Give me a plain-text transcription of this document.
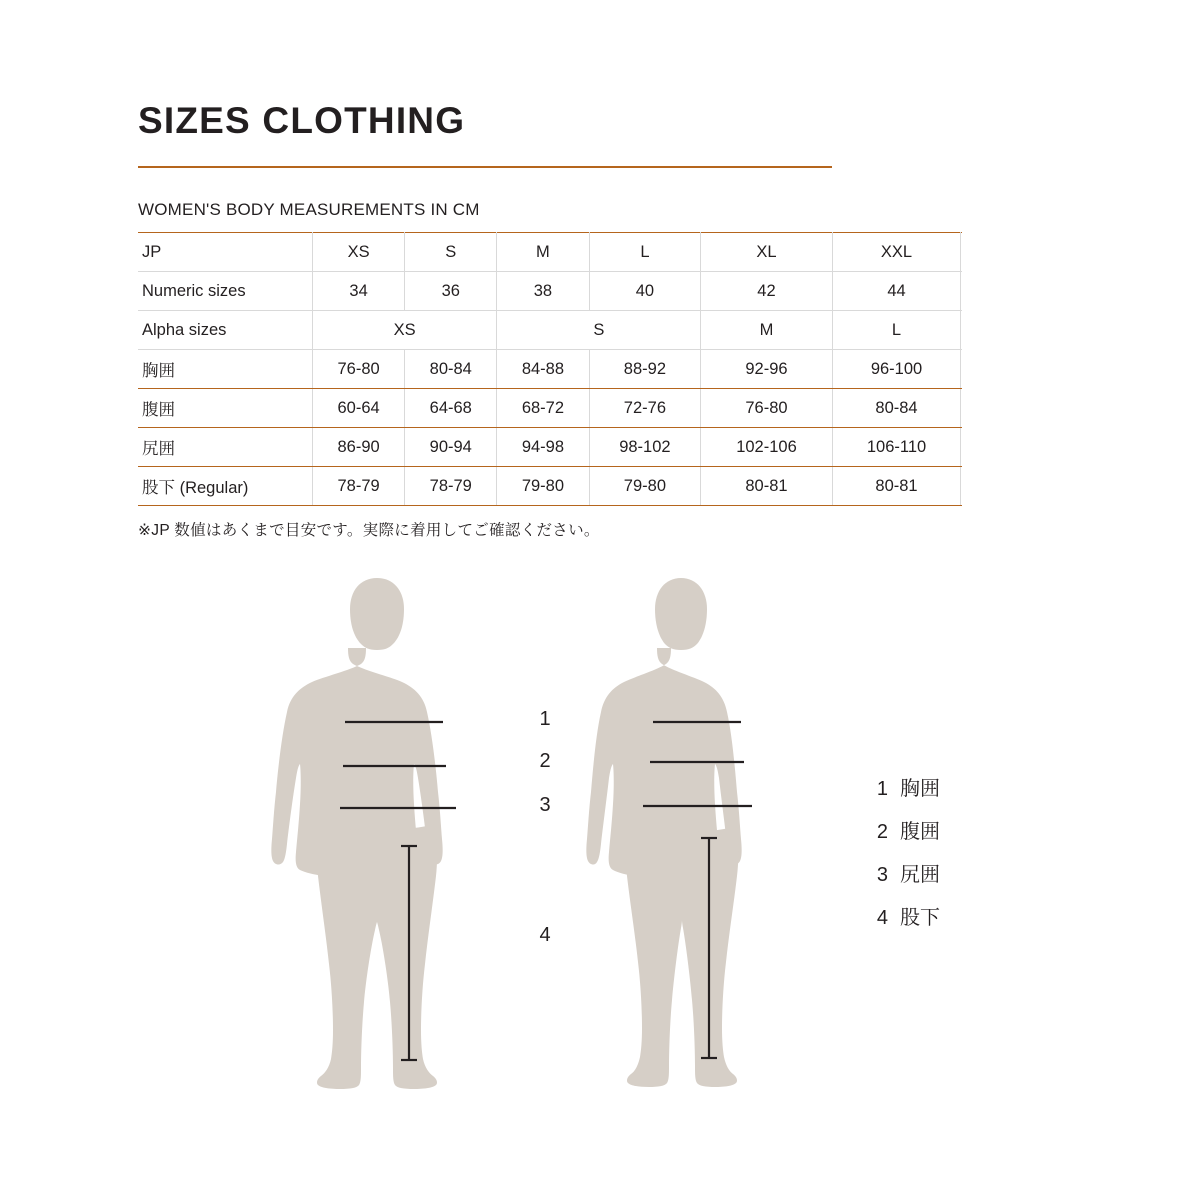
SIZES CLOTHING
WOMEN'S BODY MEASUREMENTS IN CM
JP	XS	S	M	L	XL	XXL	
Numeric sizes	34	36	38	40	42	44	
Alpha sizes	XS		S		M	L	
胸囲	76-80	80-84	84-88	88-92	92-96	96-100	
腹囲	60-64	64-68	68-72	72-76	76-80	80-84	
尻囲	86-90	90-94	94-98	98-102	102-106	106-110	
股下 (Regular)	78-79	78-79	79-80	79-80	80-81	80-81	
※JP 数値はあくまで目安です。実際に着用してご確認ください。
1
2
3
4
1 胸囲
2 腹囲
3 尻囲
4 股下
